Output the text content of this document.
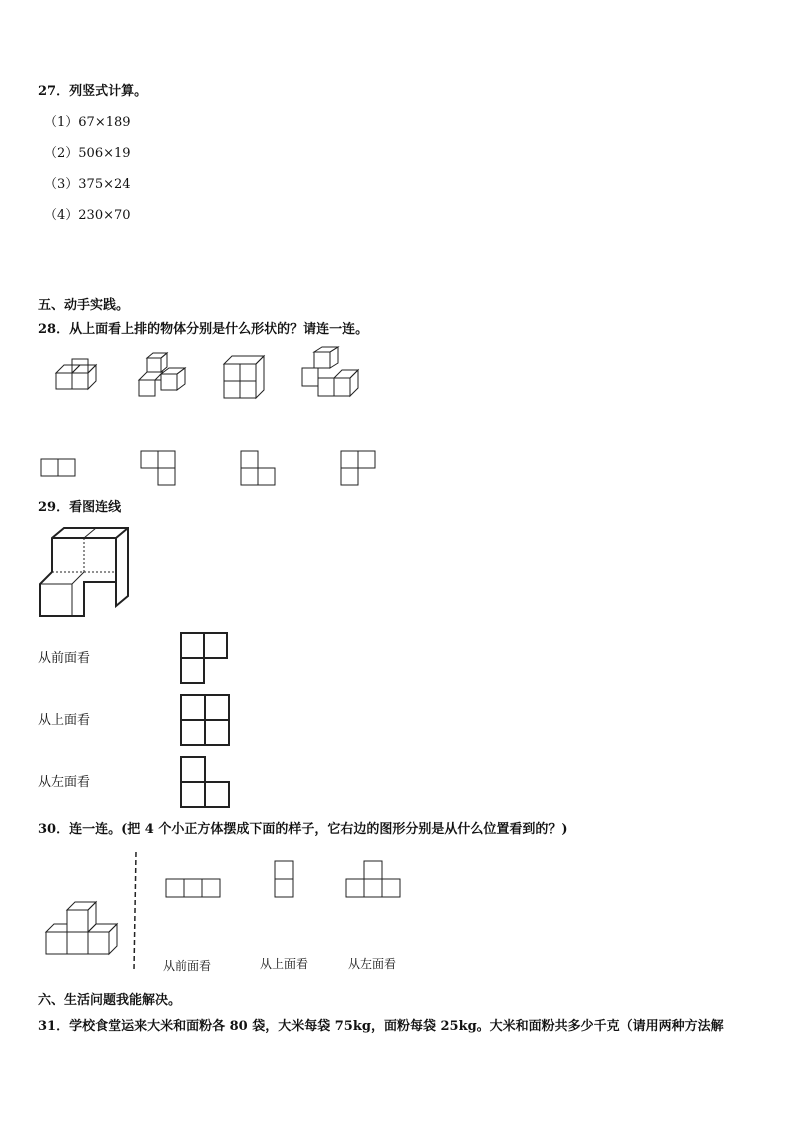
27．列竖式计算。
（1）67×189
（2）506×19
（3）375×24
（4）230×70
五、动手实践。
28．从上面看上排的物体分别是什么形状的？请连一连。
29．看图连线
从前面看
从上面看
从左面看
30．连一连。(把 4 个小正方体摆成下面的样子，它右边的图形分别是从什么位置看到的？)
从前面看	从上面看	从左面看
六、生活问题我能解决。
31．学校食堂运来大米和面粉各 80 袋，大米每袋 75kg，面粉每袋 25kg。大米和面粉共多少千克（请用两种方法解
